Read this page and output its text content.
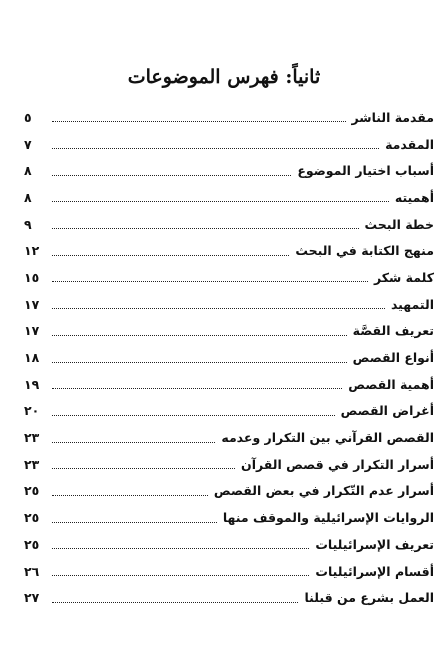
ثانياً: فهرس الموضوعات
مقدمة الناشر
٥
المقدمة
٧
أسباب اختيار الموضوع
٨
أهميته
٨
خطة البحث
٩
منهج الكتابة في البحث
١٢
كلمة شكر
١٥
التمهيد
١٧
تعريف القصَّة
١٧
أنواع القصص
١٨
أهمية القصص
١٩
أغراض القصص
٢٠
القصص القرآني بين التكرار وعدمه
٢٣
أسرار التكرار في قصص القرآن
٢٣
أسرار عدم التّكرار في بعض القصص
٢٥
الروايات الإسرائيلية والموقف منها
٢٥
تعريف الإسرائيليات
٢٥
أقسام الإسرائيليات
٢٦
العمل بشرع من قبلنا
٢٧
